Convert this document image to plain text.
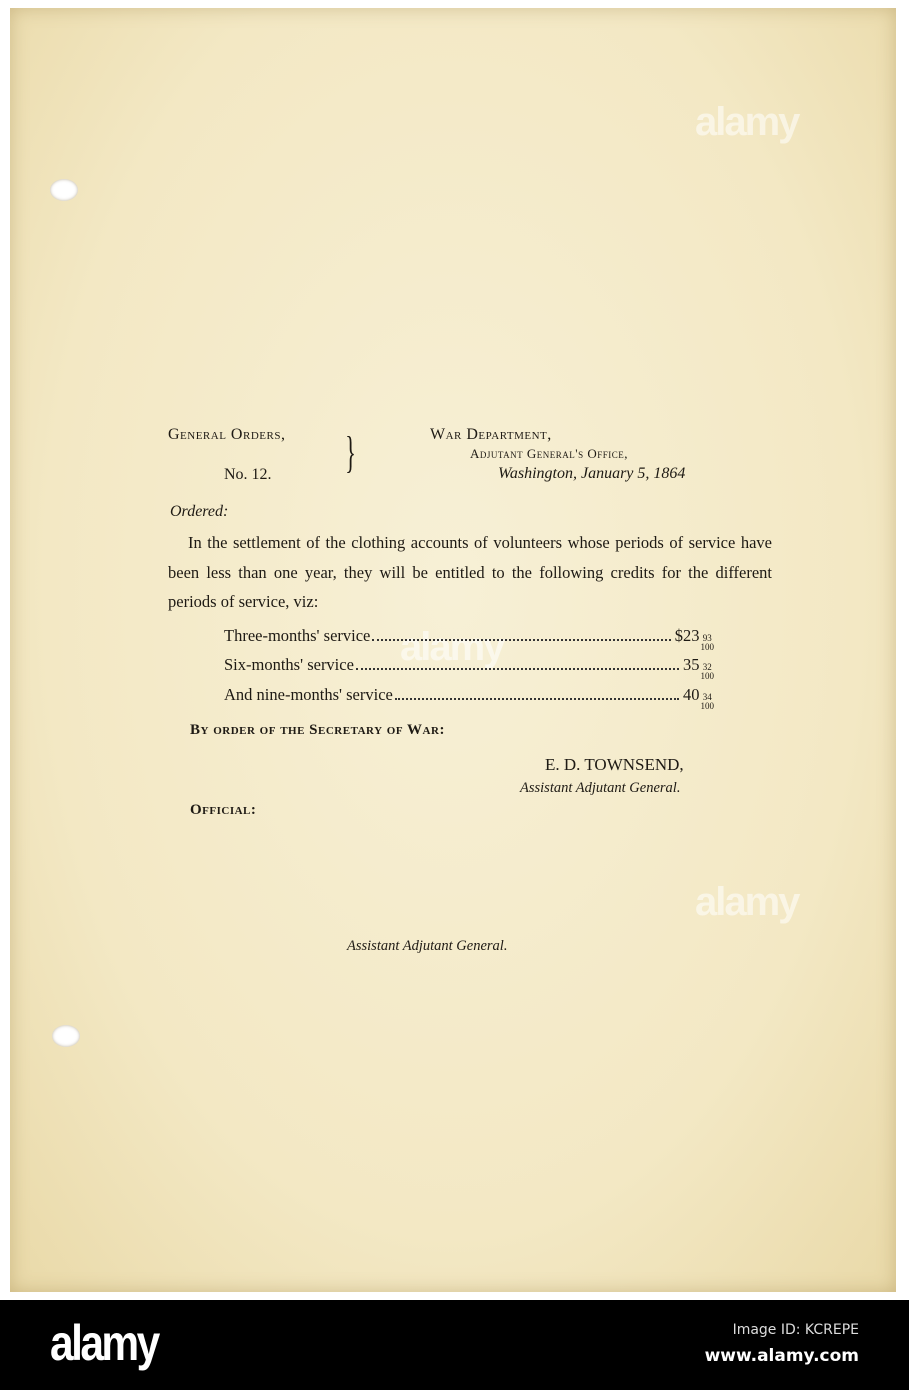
alamy
alamy
alamy
General Orders,
No. 12. }	War Department,
Adjutant General's Office,
Washington, January 5, 1864
Ordered:
In the settlement of the clothing accounts of volunteers whose periods of service have been less than one year, they will be entitled to the following credits for the different periods of service, viz:
Three-months' service	$23 93
100
Six-months' service	35 32
100
And nine-months' service	40 34
100
By order of the Secretary of War:
E. D. TOWNSEND,
Assistant Adjutant General.
Official:
Assistant Adjutant General.
alamy	Image ID: KCREPE
www.alamy.com
